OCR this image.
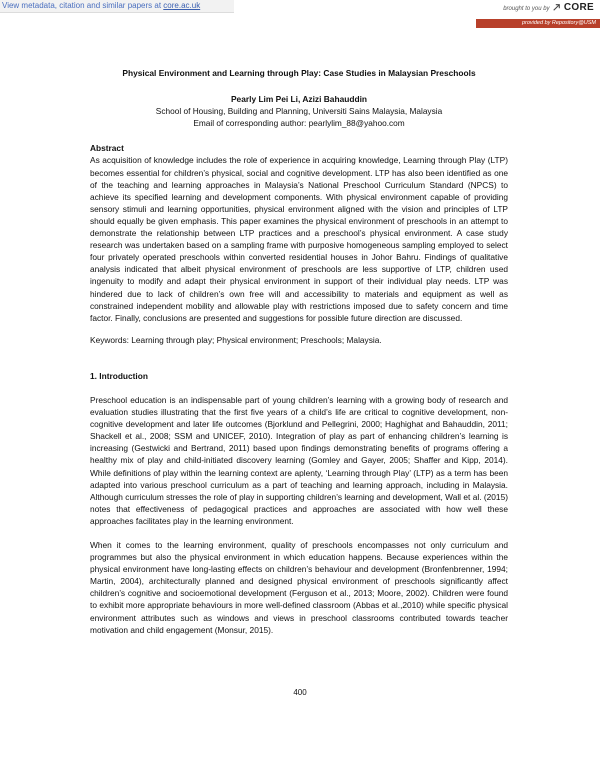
View metadata, citation and similar papers at core.ac.uk	brought to you by CORE
provided by Repository@USM
Physical Environment and Learning through Play: Case Studies in Malaysian Preschools
Pearly Lim Pei Li, Azizi Bahauddin
School of Housing, Building and Planning, Universiti Sains Malaysia, Malaysia
Email of corresponding author: pearlylim_88@yahoo.com
Abstract

As acquisition of knowledge includes the role of experience in acquiring knowledge, Learning through Play (LTP) becomes essential for children’s physical, social and cognitive development. LTP has also been identified as one of the teaching and learning approaches in Malaysia’s National Preschool Curriculum Standard (NPCS) to achieve its specified learning and development components. With physical environment capable of providing sensory stimuli and learning opportunities, physical environment aligned with the vision and principles of LTP should equally be given emphasis. This paper examines the physical environment of preschools in an attempt to demonstrate the relationship between LTP practices and a preschool’s physical environment. A case study research was undertaken based on a sampling frame with purposive homogeneous sampling employed to select four privately operated preschools within converted residential houses in Johor Bahru. Findings of qualitative analysis indicated that albeit physical environment of preschools are less supportive of LTP, children used ingenuity to modify and adapt their physical environment in support of their individual play needs. LTP was hindered due to lack of children’s own free will and accessibility to materials and equipment as well as constrained independent mobility and allowable play with restrictions imposed due to safety concern and time factor. Finally, conclusions are presented and suggestions for possible future direction are discussed.

Keywords: Learning through play; Physical environment; Preschools; Malaysia.
1. Introduction

Preschool education is an indispensable part of young children’s learning with a growing body of research and evaluation studies illustrating that the first five years of a child’s life are critical to cognitive development, non-cognitive development and later life outcomes (Bjorklund and Pellegrini, 2000; Haghighat and Bahauddin, 2011; Shackell et al., 2008; SSM and UNICEF, 2010). Integration of play as part of enhancing children’s learning is increasing (Gestwicki and Bertrand, 2011) based upon findings demonstrating benefits of programs offering a healthy mix of play and child-initiated discovery learning (Gomley and Gayer, 2005; Shaffer and Kipp, 2014). While definitions of play within the learning context are aplenty, ‘Learning through Play’ (LTP) as a term has been adapted into various preschool curriculum as a part of teaching and learning approach, including in Malaysia. Although curriculum stresses the role of play in supporting children’s learning and development, Wall et al. (2015) notes that effectiveness of pedagogical practices and approaches are associated with how well these approaches facilitates play in the learning environment.

When it comes to the learning environment, quality of preschools encompasses not only curriculum and programmes but also the physical environment in which education happens. Because experiences within the physical environment have long-lasting effects on children’s behaviour and development (Bronfenbrenner, 1994; Martin, 2004), architecturally planned and designed physical environment of preschools significantly affect children’s cognitive and socioemotional development (Ferguson et al., 2013; Moore, 2002). Children were found to exhibit more appropriate behaviours in more well-defined classroom (Abbas et al.,2010) while specific physical environment attributes such as windows and views in preschool classrooms contributed towards teacher motivation and child engagement (Monsur, 2015).

400
